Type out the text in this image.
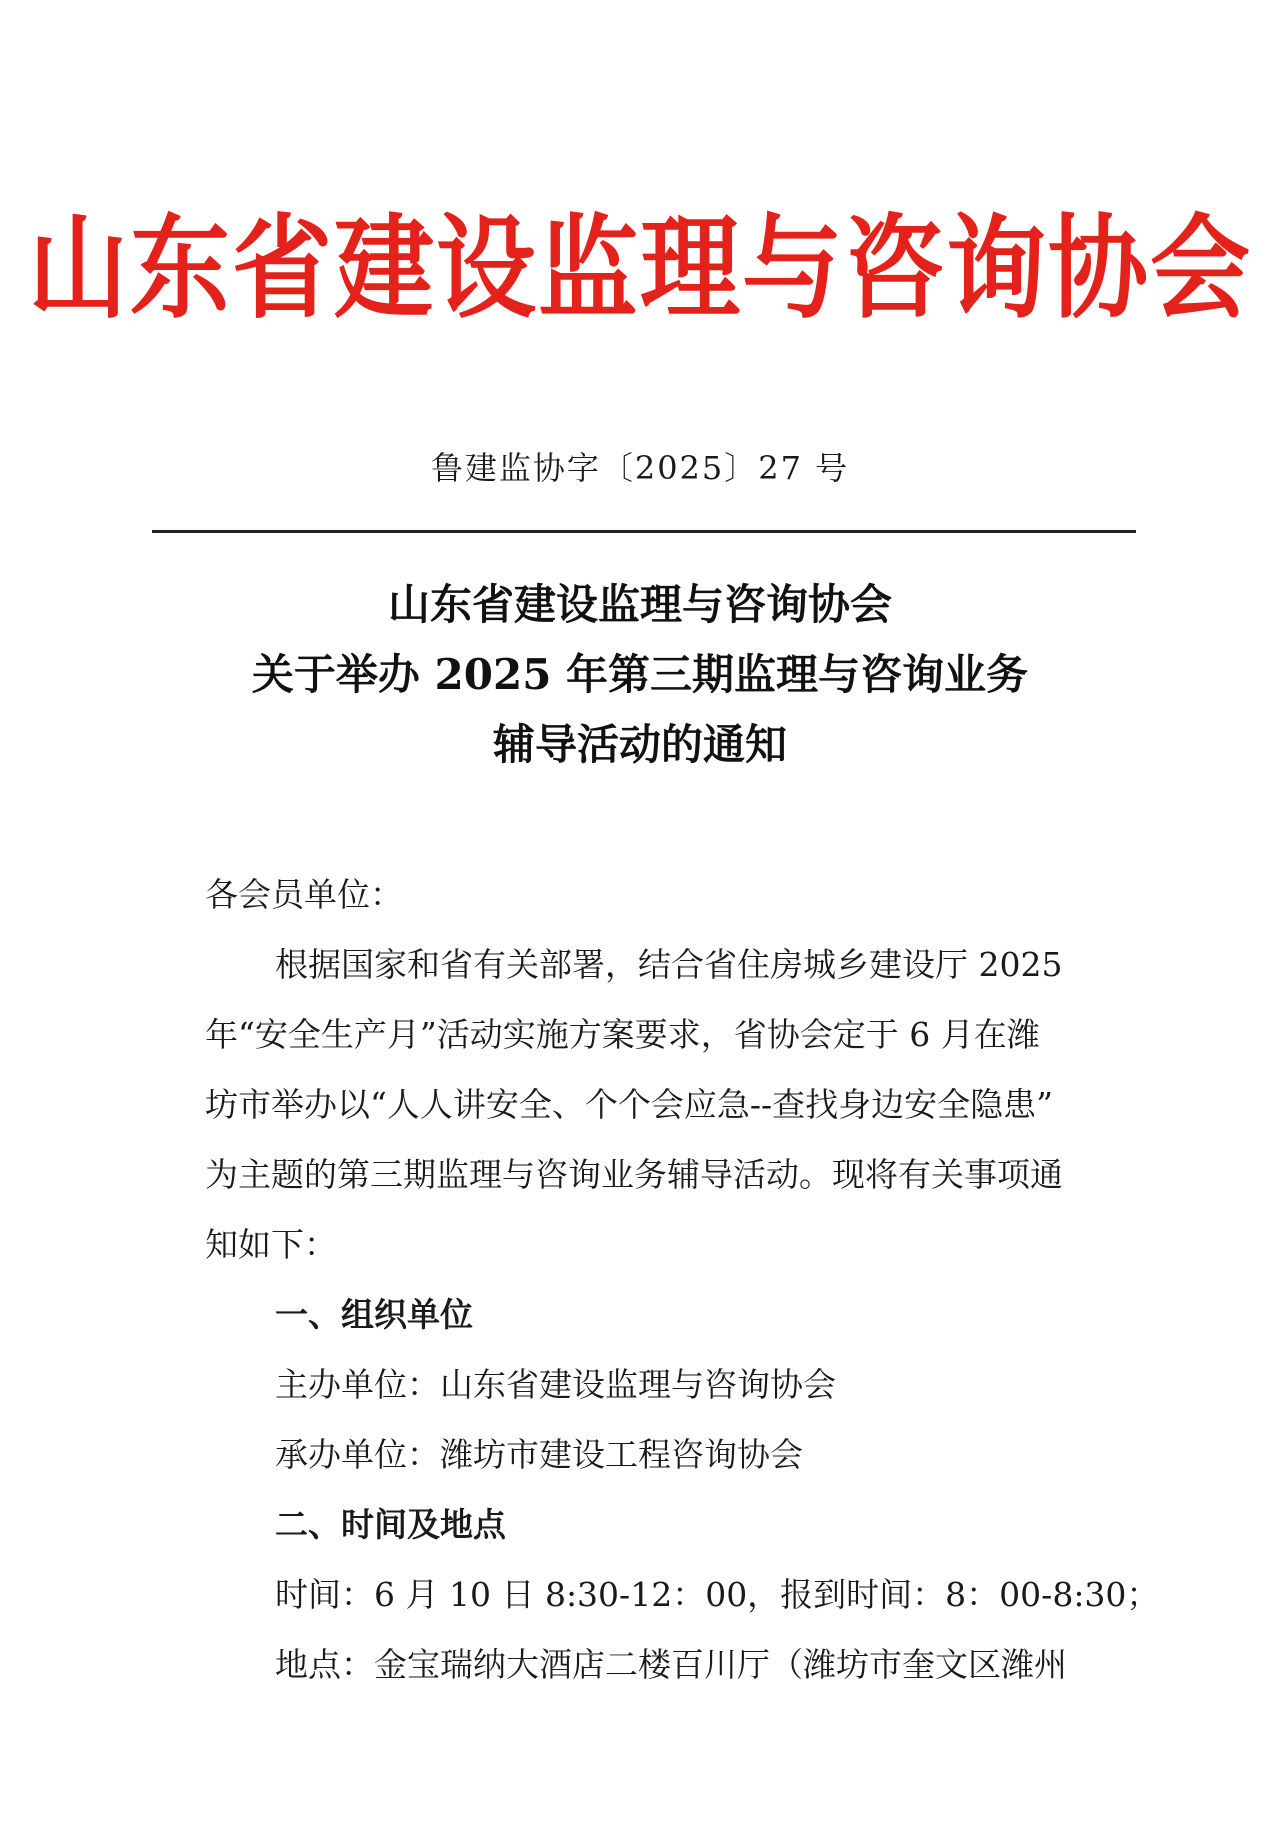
山东省建设监理与咨询协会
鲁建监协字〔2025〕27 号
山东省建设监理与咨询协会
关于举办 2025 年第三期监理与咨询业务
辅导活动的通知
各会员单位：
根据国家和省有关部署，结合省住房城乡建设厅 2025
年“安全生产月”活动实施方案要求，省协会定于 6 月在潍
坊市举办以“人人讲安全、个个会应急--查找身边安全隐患”
为主题的第三期监理与咨询业务辅导活动。现将有关事项通
知如下：
一、组织单位
主办单位：山东省建设监理与咨询协会
承办单位：潍坊市建设工程咨询协会
二、时间及地点
时间：6 月 10 日 8:30-12：00，报到时间：8：00-8:30；
地点：金宝瑞纳大酒店二楼百川厅（潍坊市奎文区潍州
